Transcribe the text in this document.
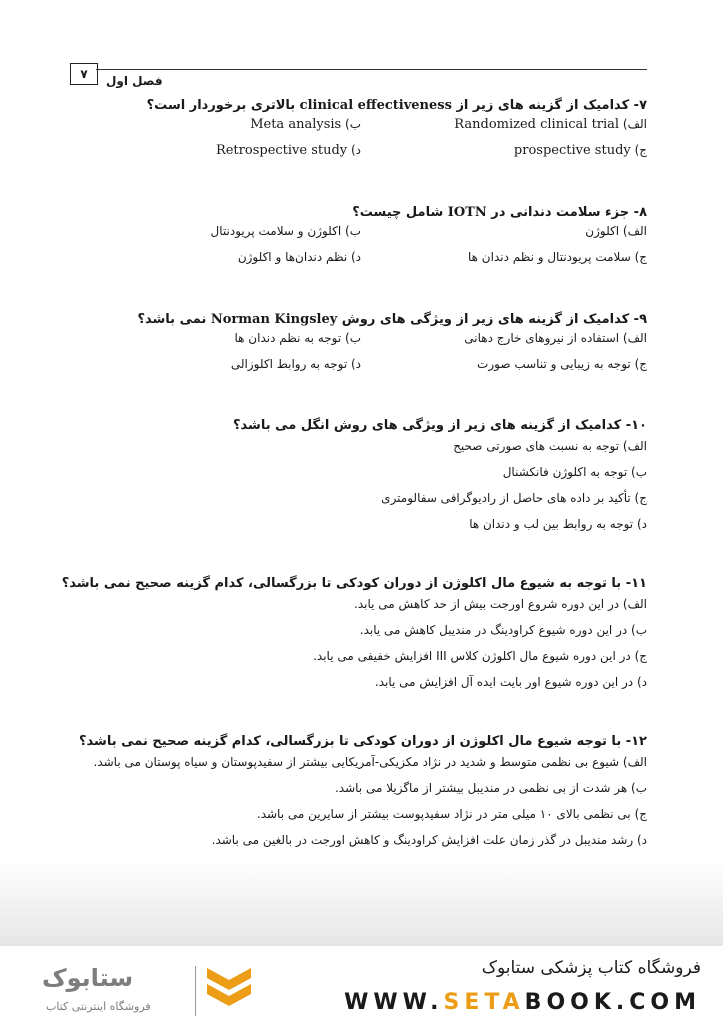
۷	فصل اول
۷- کدامیک از گزینه های زیر از clinical effectiveness بالاتری برخوردار است؟
الف) Randomized clinical trial
ب) Meta analysis
ج) prospective study
د) Retrospective study
۸- جزء سلامت دندانی در IOTN شامل چیست؟
الف) اکلوژن
ب) اکلوژن و سلامت پریودنتال
ج) سلامت پریودنتال و نظم دندان ها
د) نظم دندان‌ها و اکلوژن
۹- کدامیک از گزینه های زیر از ویژگی های روش Norman Kingsley نمی باشد؟
الف) استفاده از نیروهای خارج دهانی
ب) توجه به نظم دندان ها
ج) توجه به زیبایی و تناسب صورت
د) توجه به روابط اکلوزالی
۱۰- کدامیک از گزینه های زیر از ویژگی های روش انگل می باشد؟
الف) توجه به نسبت های صورتی صحیح
ب) توجه به اکلوژن فانکشنال
ج) تأکید بر داده های حاصل از رادیوگرافی سفالومتری
د) توجه به روابط بین لب و دندان ها
۱۱- با توجه به شیوع مال اکلوژن از دوران کودکی تا بزرگسالی، کدام گزینه صحیح نمی باشد؟
الف) در این دوره شروع اورجت بیش از حد کاهش می یابد.
ب) در این دوره شیوع کراودینگ در مندیبل کاهش می یابد.
ج) در این دوره شیوع مال اکلوژن کلاس III افزایش خفیفی می یابد.
د) در این دوره شیوع اور بایت ایده آل افزایش می یابد.
۱۲- با توجه شیوع مال اکلوژن از دوران کودکی تا بزرگسالی، کدام گزینه صحیح نمی باشد؟
الف) شیوع بی نظمی متوسط و شدید در نژاد مکزیکی-آمریکایی بیشتر از سفیدپوستان و سیاه پوستان می باشد.
ب) هر شدت از بی نظمی در مندیبل بیشتر از ماگزیلا می باشد.
ج) بی نظمی بالای ۱۰ میلی متر در نژاد سفیدپوست بیشتر از سایرین می باشد.
د) رشد مندیبل در گذر زمان علت افزایش کراودینگ و کاهش اورجت در بالغین می باشد.
ستابوک
فروشگاه اینترنتی کتاب
فروشگاه کتاب پزشکی ستابوک
WWW.SETABOOK.COM
